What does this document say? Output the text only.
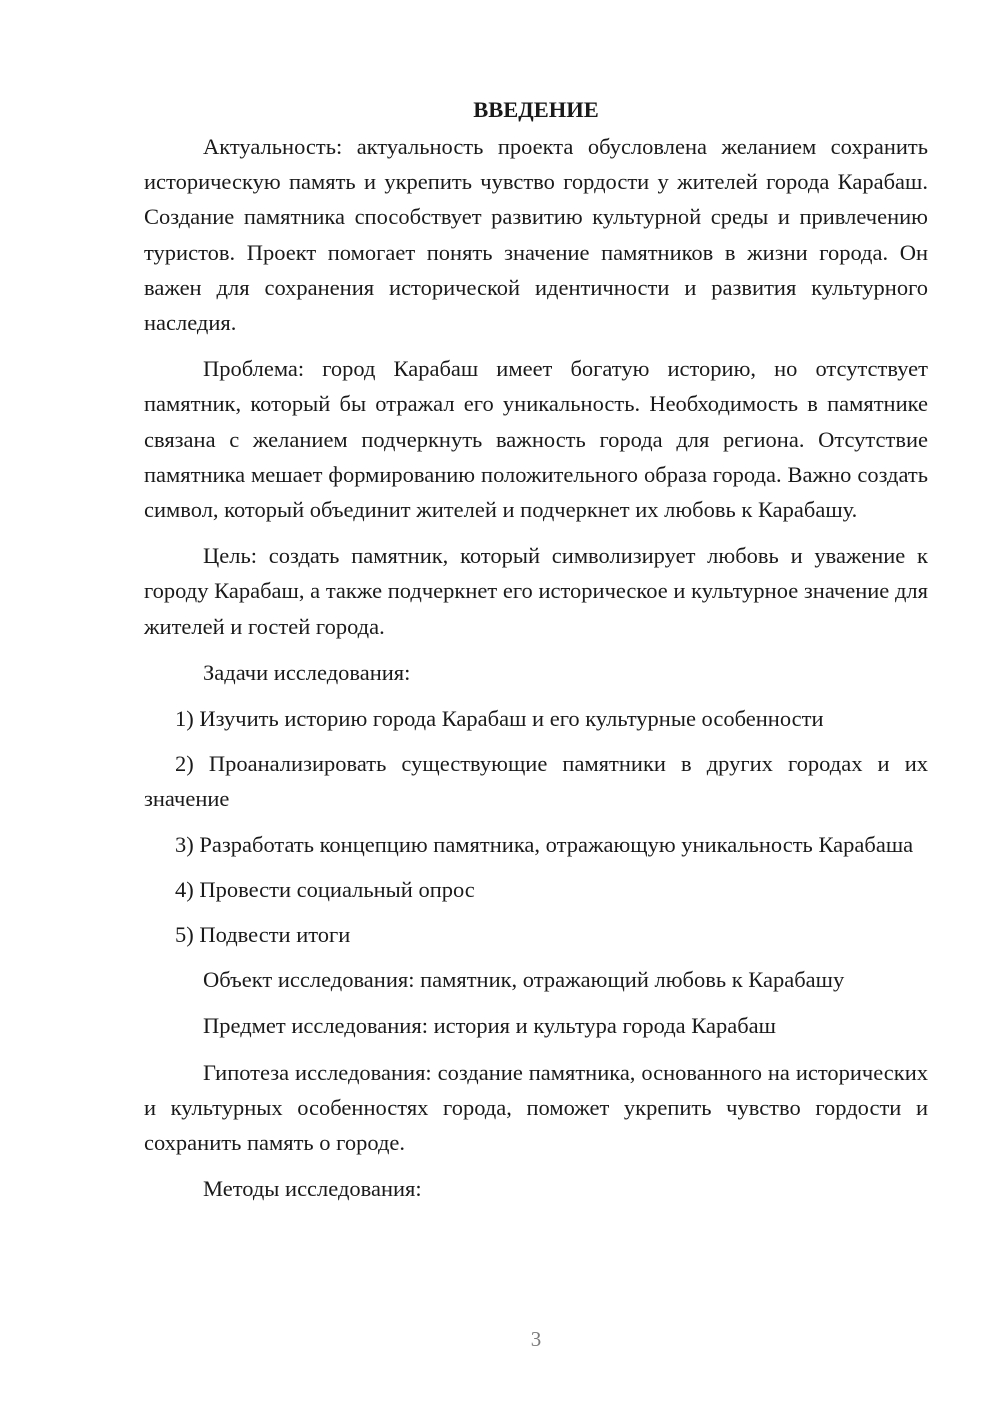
ВВЕДЕНИЕ

Актуальность: актуальность проекта обусловлена желанием сохранить историческую память и укрепить чувство гордости у жителей города Карабаш. Создание памятника способствует развитию культурной среды и привлечению туристов. Проект помогает понять значение памятников в жизни города. Он важен для сохранения исторической идентичности и развития культурного наследия.

Проблема: город Карабаш имеет богатую историю, но отсутствует памятник, который бы отражал его уникальность. Необходимость в памятнике связана с желанием подчеркнуть важность города для региона. Отсутствие памятника мешает формированию положительного образа города. Важно создать символ, который объединит жителей и подчеркнет их любовь к Карабашу.

Цель: создать памятник, который символизирует любовь и уважение к городу Карабаш, а также подчеркнет его историческое и культурное значение для жителей и гостей города.

Задачи исследования:

1) Изучить историю города Карабаш и его культурные особенности

2) Проанализировать существующие памятники в других городах и их значение

3) Разработать концепцию памятника, отражающую уникальность Карабаша

4) Провести социальный опрос

5) Подвести итоги

Объект исследования: памятник, отражающий любовь к Карабашу

Предмет исследования: история и культура города Карабаш

Гипотеза исследования: создание памятника, основанного на исторических и культурных особенностях города, поможет укрепить чувство гордости и сохранить память о городе.

Методы исследования:

3
